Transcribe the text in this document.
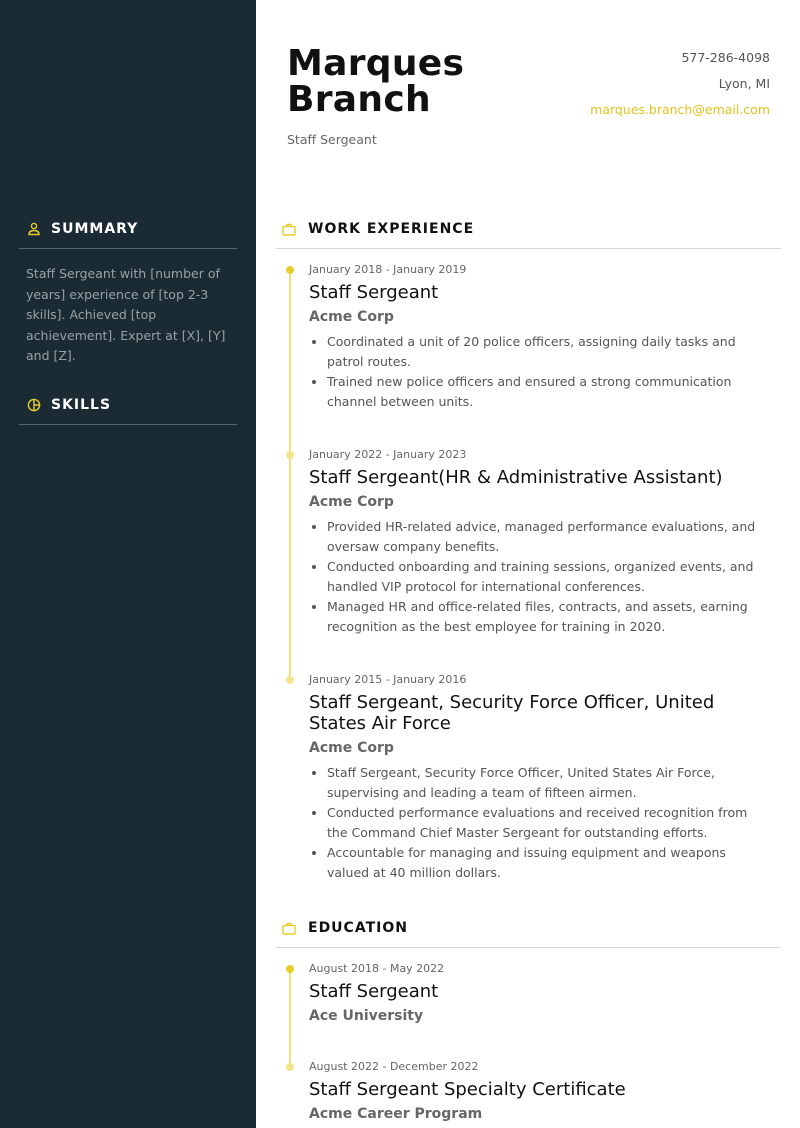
SUMMARY
Staff Sergeant with [number of years] experience of [top 2-3 skills]. Achieved [top achievement]. Expert at [X], [Y] and [Z].
SKILLS
Marques
Branch
Staff Sergeant
577-286-4098
Lyon, MI
marques.branch@email.com
WORK EXPERIENCE
January 2018 - January 2019
Staff Sergeant
Acme Corp
• Coordinated a unit of 20 police officers, assigning daily tasks and patrol routes.
• Trained new police officers and ensured a strong communication channel between units.
January 2022 - January 2023
Staff Sergeant(HR & Administrative Assistant)
Acme Corp
• Provided HR-related advice, managed performance evaluations, and oversaw company benefits.
• Conducted onboarding and training sessions, organized events, and handled VIP protocol for international conferences.
• Managed HR and office-related files, contracts, and assets, earning recognition as the best employee for training in 2020.
January 2015 - January 2016
Staff Sergeant, Security Force Officer, United States Air Force
Acme Corp
• Staff Sergeant, Security Force Officer, United States Air Force, supervising and leading a team of fifteen airmen.
• Conducted performance evaluations and received recognition from the Command Chief Master Sergeant for outstanding efforts.
• Accountable for managing and issuing equipment and weapons valued at 40 million dollars.
EDUCATION
August 2018 - May 2022
Staff Sergeant
Ace University
August 2022 - December 2022
Staff Sergeant Specialty Certificate
Acme Career Program
